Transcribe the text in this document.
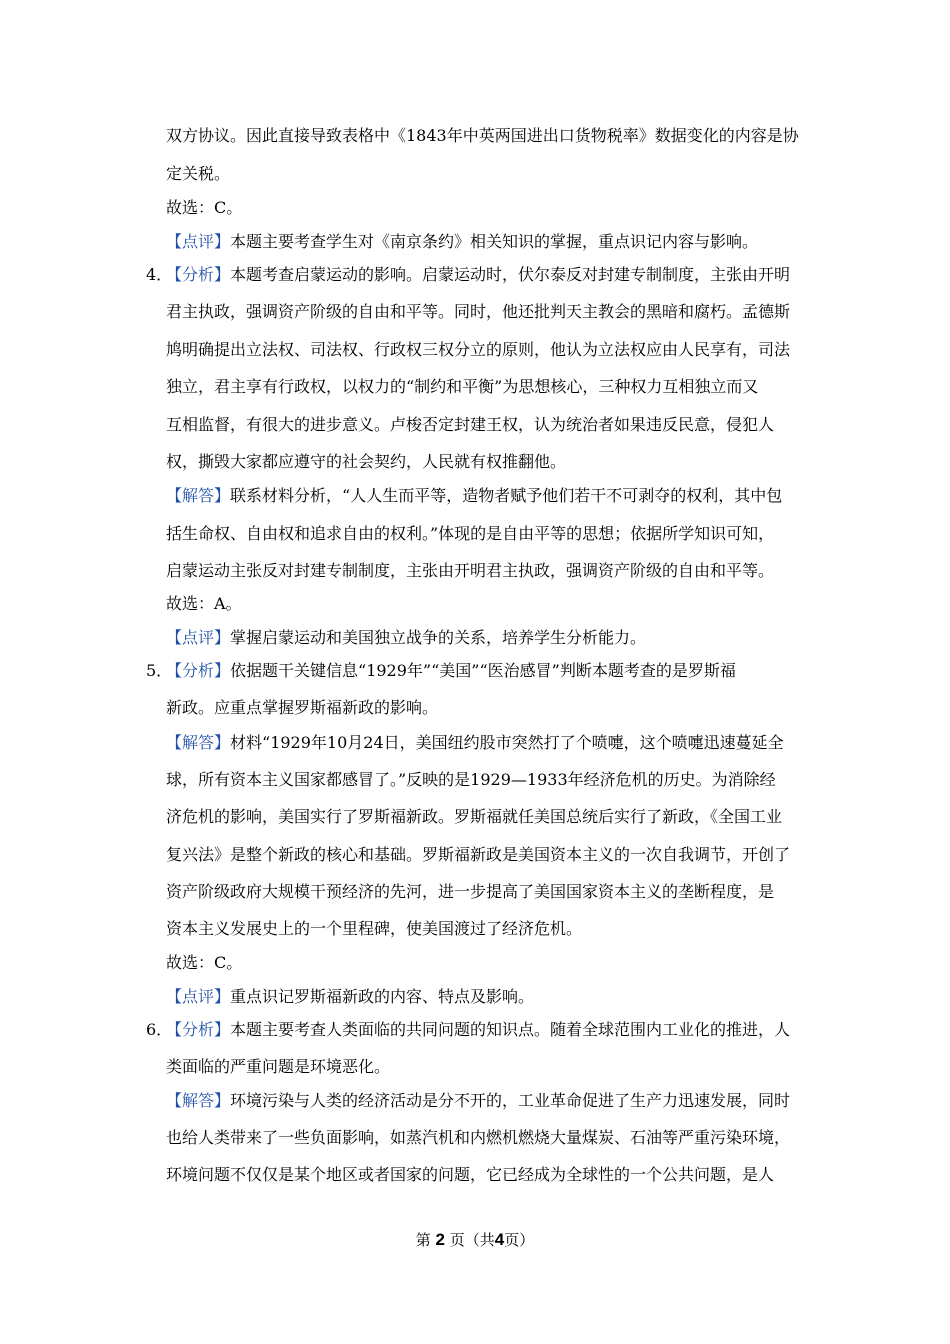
双方协议。因此直接导致表格中《1843年中英两国进出口货物税率》数据变化的内容是协
定关税。
故选：C。
【点评】本题主要考查学生对《南京条约》相关知识的掌握，重点识记内容与影响。
4．
【分析】本题考查启蒙运动的影响。启蒙运动时，伏尔泰反对封建专制制度，主张由开明
君主执政，强调资产阶级的自由和平等。同时，他还批判天主教会的黑暗和腐朽。孟德斯
鸠明确提出立法权、司法权、行政权三权分立的原则，他认为立法权应由人民享有，司法
独立，君主享有行政权，以权力的“制约和平衡”为思想核心，三种权力互相独立而又
互相监督，有很大的进步意义。卢梭否定封建王权，认为统治者如果违反民意，侵犯人
权，撕毁大家都应遵守的社会契约，人民就有权推翻他。
【解答】联系材料分析，“人人生而平等，造物者赋予他们若干不可剥夺的权利，其中包
括生命权、自由权和追求自由的权利。”体现的是自由平等的思想；依据所学知识可知，
启蒙运动主张反对封建专制制度，主张由开明君主执政，强调资产阶级的自由和平等。
故选：A。
【点评】掌握启蒙运动和美国独立战争的关系，培养学生分析能力。
5．
【分析】依据题干关键信息“1929年”“美国”“医治感冒”判断本题考查的是罗斯福
新政。应重点掌握罗斯福新政的影响。
【解答】材料“1929年10月24日，美国纽约股市突然打了个喷嚏，这个喷嚏迅速蔓延全
球，所有资本主义国家都感冒了。”反映的是1929—1933年经济危机的历史。为消除经
济危机的影响，美国实行了罗斯福新政。罗斯福就任美国总统后实行了新政，《全国工业
复兴法》是整个新政的核心和基础。罗斯福新政是美国资本主义的一次自我调节，开创了
资产阶级政府大规模干预经济的先河，进一步提高了美国国家资本主义的垄断程度，是
资本主义发展史上的一个里程碑，使美国渡过了经济危机。
故选：C。
【点评】重点识记罗斯福新政的内容、特点及影响。
6．
【分析】本题主要考查人类面临的共同问题的知识点。随着全球范围内工业化的推进，人
类面临的严重问题是环境恶化。
【解答】环境污染与人类的经济活动是分不开的，工业革命促进了生产力迅速发展，同时
也给人类带来了一些负面影响，如蒸汽机和内燃机燃烧大量煤炭、石油等严重污染环境，
环境问题不仅仅是某个地区或者国家的问题，它已经成为全球性的一个公共问题，是人
第 2 页（共4页）
